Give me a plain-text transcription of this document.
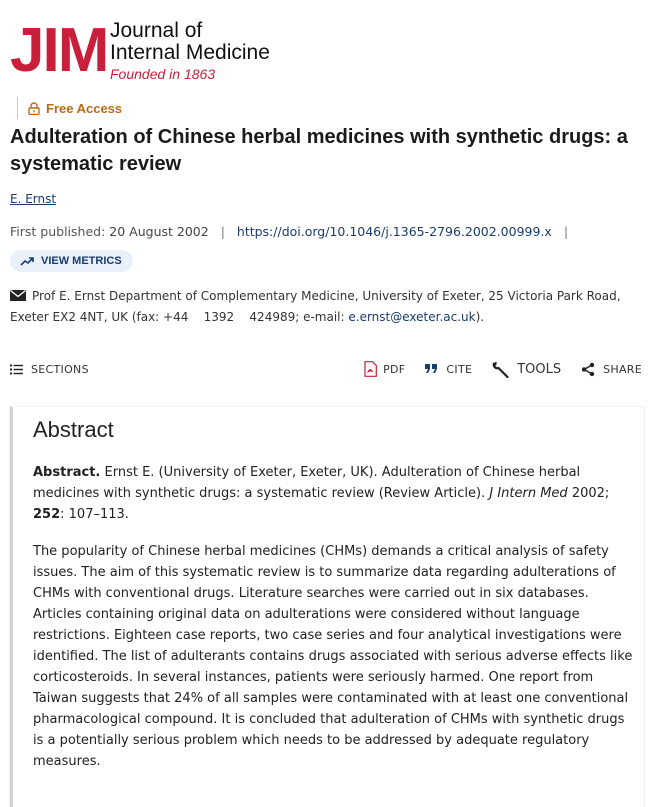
JIM Journal of
Internal Medicine
Founded in 1863
Free Access
Adulteration of Chinese herbal medicines with synthetic drugs: a systematic review
E. Ernst
First published: 20 August 2002 | https://doi.org/10.1046/j.1365-2796.2002.00999.x |
VIEW METRICS
Prof E. Ernst Department of Complementary Medicine, University of Exeter, 25 Victoria Park Road, Exeter EX2 4NT, UK (fax: +44    1392    424989; e-mail: e.ernst@exeter.ac.uk).
SECTIONS	PDF	CITE	TOOLS	SHARE
Abstract

Abstract. Ernst E. (University of Exeter, Exeter, UK). Adulteration of Chinese herbal medicines with synthetic drugs: a systematic review (Review Article). J Intern Med 2002; 252: 107–113.

The popularity of Chinese herbal medicines (CHMs) demands a critical analysis of safety issues. The aim of this systematic review is to summarize data regarding adulterations of CHMs with conventional drugs. Literature searches were carried out in six databases. Articles containing original data on adulterations were considered without language restrictions. Eighteen case reports, two case series and four analytical investigations were identified. The list of adulterants contains drugs associated with serious adverse effects like corticosteroids. In several instances, patients were seriously harmed. One report from Taiwan suggests that 24% of all samples were contaminated with at least one conventional pharmacological compound. It is concluded that adulteration of CHMs with synthetic drugs is a potentially serious problem which needs to be addressed by adequate regulatory measures.
